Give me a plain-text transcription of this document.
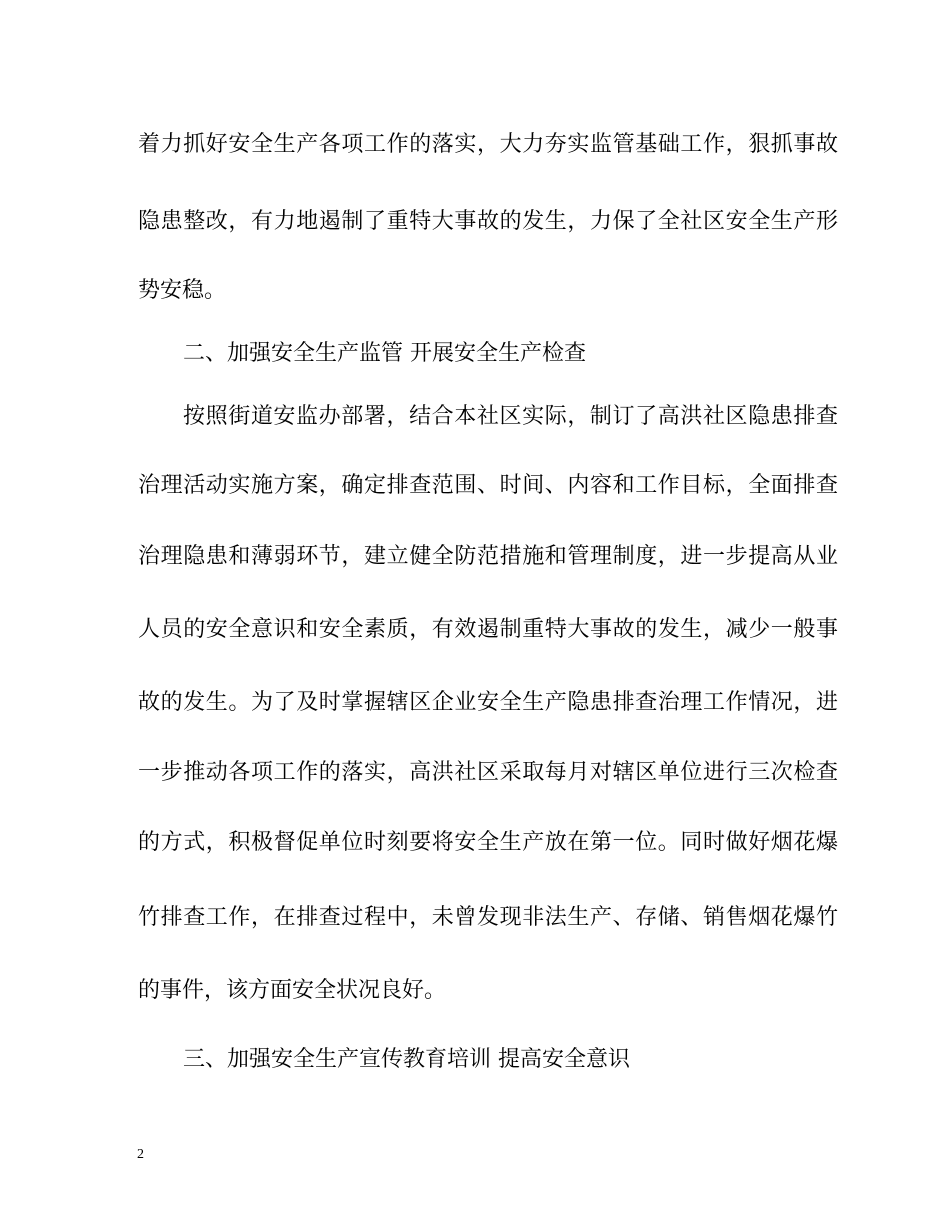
着力抓好安全生产各项工作的落实，大力夯实监管基础工作，狠抓事故
隐患整改，有力地遏制了重特大事故的发生，力保了全社区安全生产形
势安稳。
二、加强安全生产监管 开展安全生产检查
按照街道安监办部署，结合本社区实际，制订了高洪社区隐患排查
治理活动实施方案，确定排查范围、时间、内容和工作目标，全面排查
治理隐患和薄弱环节，建立健全防范措施和管理制度，进一步提高从业
人员的安全意识和安全素质，有效遏制重特大事故的发生，减少一般事
故的发生。为了及时掌握辖区企业安全生产隐患排查治理工作情况，进
一步推动各项工作的落实，高洪社区采取每月对辖区单位进行三次检查
的方式，积极督促单位时刻要将安全生产放在第一位。同时做好烟花爆
竹排查工作，在排查过程中，未曾发现非法生产、存储、销售烟花爆竹
的事件，该方面安全状况良好。
三、加强安全生产宣传教育培训 提高安全意识
2
